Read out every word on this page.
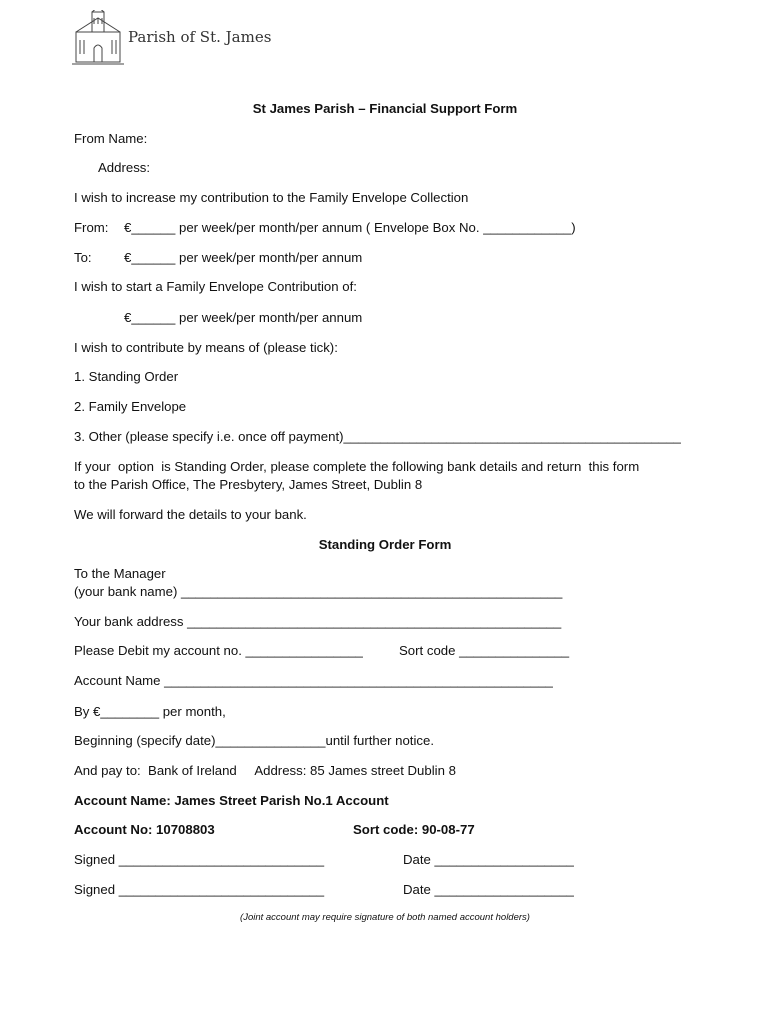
Parish of St. James
St James Parish – Financial Support Form
From Name:
Address:
I wish to increase my contribution to the Family Envelope Collection
From: €______ per week/per month/per annum ( Envelope Box No. ____________)
To: €______ per week/per month/per annum
I wish to start a Family Envelope Contribution of:
€______ per week/per month/per annum
I wish to contribute by means of (please tick):
1. Standing Order
2. Family Envelope
3. Other (please specify i.e. once off payment)______________________________________________
If your  option  is Standing Order, please complete the following bank details and return  this form
to the Parish Office, The Presbytery, James Street, Dublin 8
We will forward the details to your bank.
Standing Order Form
To the Manager
(your bank name) ____________________________________________________
Your bank address ___________________________________________________
Please Debit my account no. ________________	Sort code _______________
Account Name _____________________________________________________
By €________ per month,
Beginning (specify date)_______________until further notice.
And pay to:  Bank of Ireland     Address: 85 James street Dublin 8
Account Name: James Street Parish No.1 Account
Account No: 10708803	Sort code: 90-08-77
Signed ____________________________	Date ___________________
Signed ____________________________	Date ___________________
(Joint account may require signature of both named account holders)
